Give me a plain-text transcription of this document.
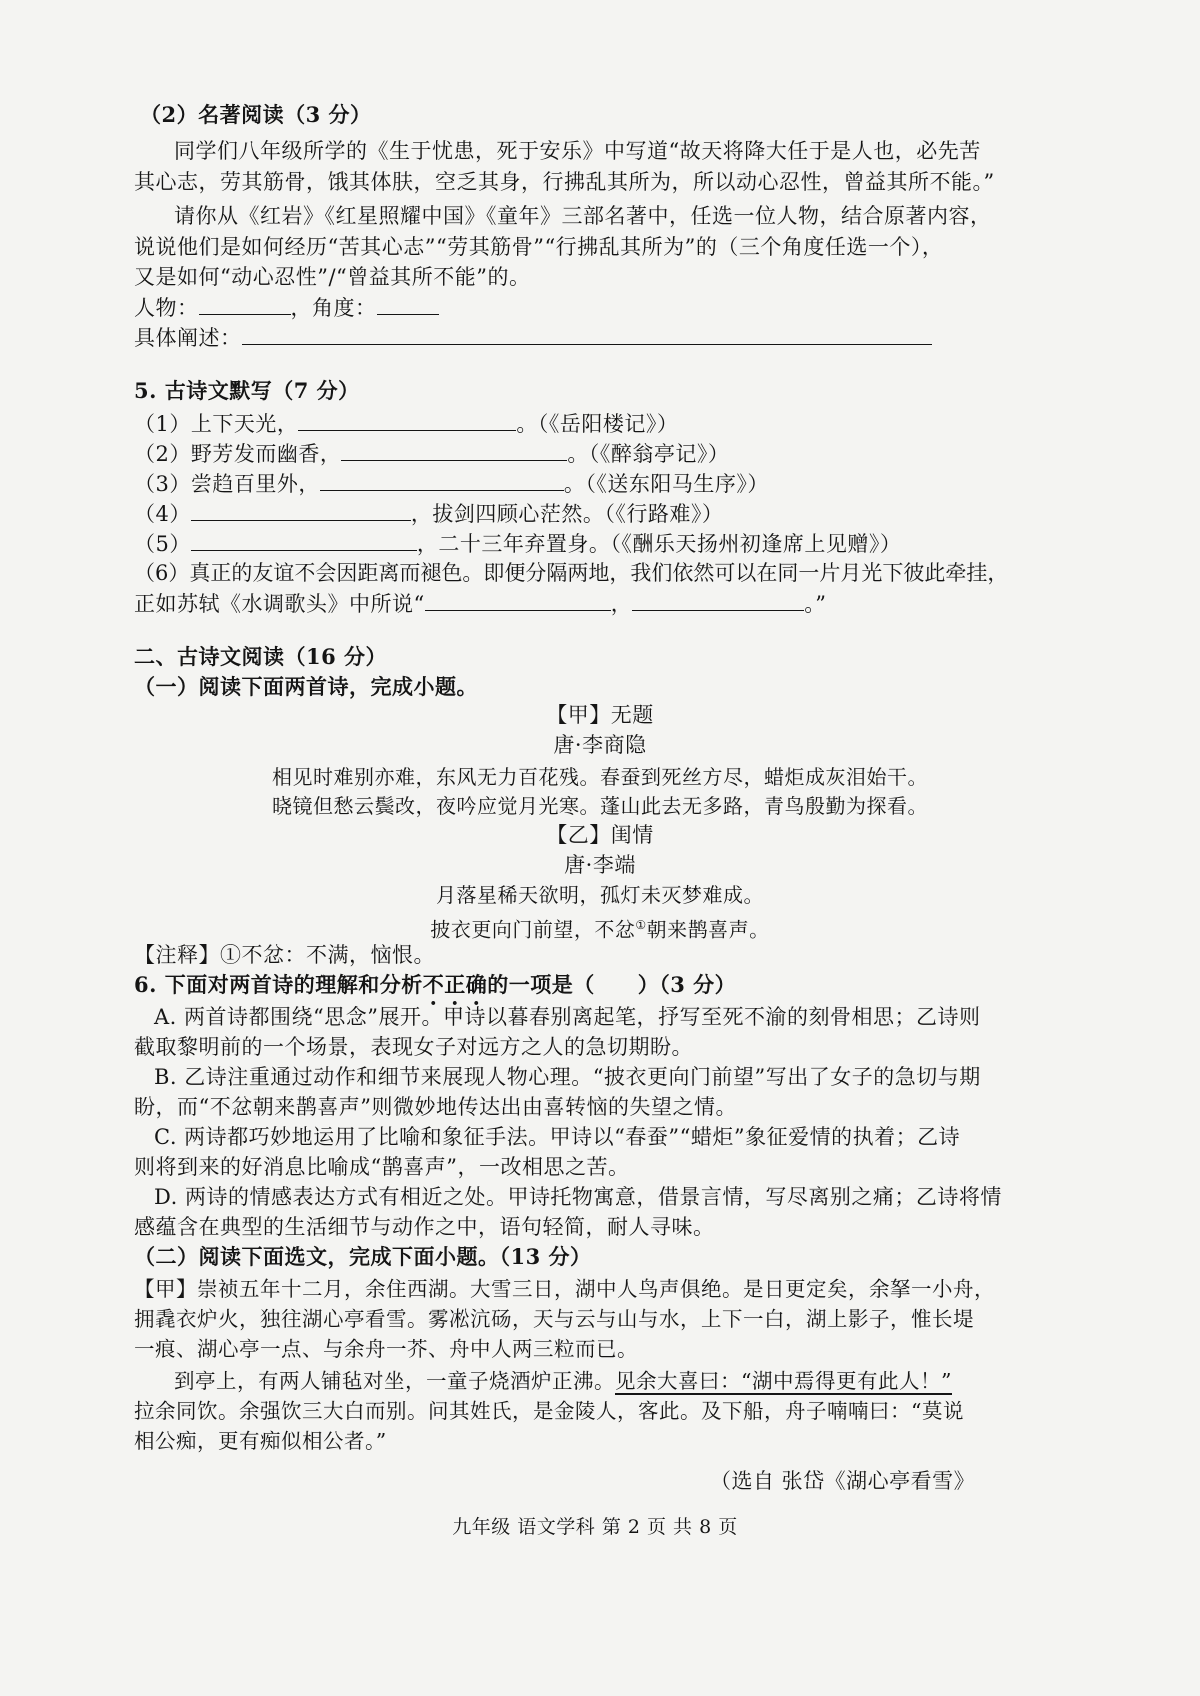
（2）名著阅读（3 分）
同学们八年级所学的《生于忧患，死于安乐》中写道“故天将降大任于是人也，必先苦
其心志，劳其筋骨，饿其体肤，空乏其身，行拂乱其所为，所以动心忍性，曾益其所不能。”
请你从《红岩》《红星照耀中国》《童年》三部名著中，任选一位人物，结合原著内容，
说说他们是如何经历“苦其心志”“劳其筋骨”“行拂乱其所为”的（三个角度任选一个），
又是如何“动心忍性”/“曾益其所不能”的。
人物：	，角度：
具体阐述：
5. 古诗文默写（7 分）
（1）上下天光，	。（《岳阳楼记》）
（2）野芳发而幽香，	。（《醉翁亭记》）
（3）尝趋百里外，	。（《送东阳马生序》）
（4）	，拔剑四顾心茫然。（《行路难》）
（5）	，二十三年弃置身。（《酬乐天扬州初逢席上见赠》）
（6）真正的友谊不会因距离而褪色。即便分隔两地，我们依然可以在同一片月光下彼此牵挂，
正如苏轼《水调歌头》中所说“	，	。”
二、古诗文阅读（16 分）
（一）阅读下面两首诗，完成小题。
【甲】无题
唐·李商隐
相见时难别亦难，东风无力百花残。春蚕到死丝方尽，蜡炬成灰泪始干。
晓镜但愁云鬓改，夜吟应觉月光寒。蓬山此去无多路，青鸟殷勤为探看。
【乙】闺情
唐·李端
月落星稀天欲明，孤灯未灭梦难成。
披衣更向门前望，不忿①朝来鹊喜声。
【注释】①不忿：不满，恼恨。
6. 下面对两首诗的理解和分析不正确的一项是（　　）（3 分）
A. 两首诗都围绕“思念”展开。甲诗以暮春别离起笔，抒写至死不渝的刻骨相思；乙诗则
截取黎明前的一个场景，表现女子对远方之人的急切期盼。
B. 乙诗注重通过动作和细节来展现人物心理。“披衣更向门前望”写出了女子的急切与期
盼，而“不忿朝来鹊喜声”则微妙地传达出由喜转恼的失望之情。
C. 两诗都巧妙地运用了比喻和象征手法。甲诗以“春蚕”“蜡炬”象征爱情的执着；乙诗
则将到来的好消息比喻成“鹊喜声”，一改相思之苦。
D. 两诗的情感表达方式有相近之处。甲诗托物寓意，借景言情，写尽离别之痛；乙诗将情
感蕴含在典型的生活细节与动作之中，语句轻简，耐人寻味。
（二）阅读下面选文，完成下面小题。（13 分）
【甲】崇祯五年十二月，余住西湖。大雪三日，湖中人鸟声俱绝。是日更定矣，余拏一小舟，
拥毳衣炉火，独往湖心亭看雪。雾凇沆砀，天与云与山与水，上下一白，湖上影子，惟长堤
一痕、湖心亭一点、与余舟一芥、舟中人两三粒而已。
到亭上，有两人铺毡对坐，一童子烧酒炉正沸。见余大喜曰：“湖中焉得更有此人！”
拉余同饮。余强饮三大白而别。问其姓氏，是金陵人，客此。及下船，舟子喃喃曰：“莫说
相公痴，更有痴似相公者。”
（选自 张岱《湖心亭看雪》
九年级 语文学科 第 2 页 共 8 页
